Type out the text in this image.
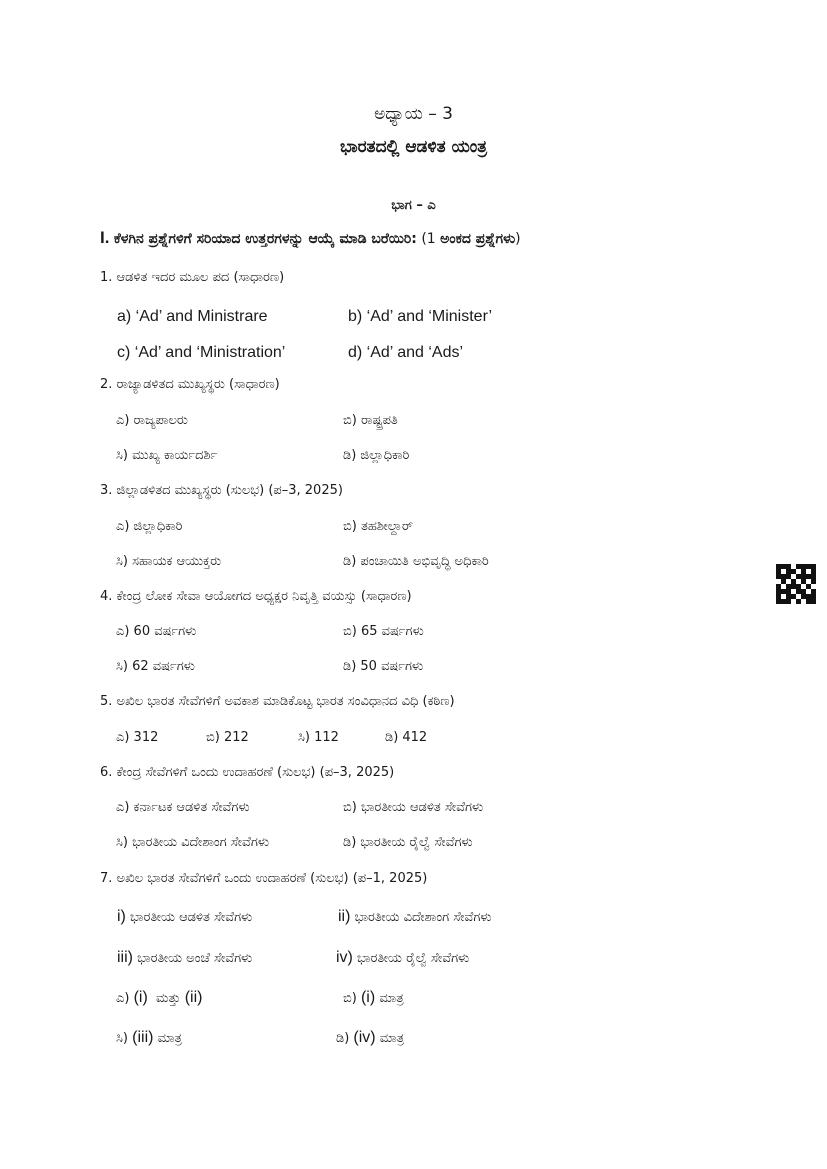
ಅಧ್ಯಾಯ – 3
ಭಾರತದಲ್ಲಿ ಆಡಳಿತ ಯಂತ್ರ
ಭಾಗ – ಎ
I. ಕೆಳಗಿನ ಪ್ರಶ್ನೆಗಳಿಗೆ ಸರಿಯಾದ ಉತ್ತರಗಳನ್ನು ಆಯ್ಕೆ ಮಾಡಿ ಬರೆಯಿರಿ: (1 ಅಂಕದ ಪ್ರಶ್ನೆಗಳು)
1. ಆಡಳಿತ ಇದರ ಮೂಲ ಪದ (ಸಾಧಾರಣ)
a) ‘Ad’ and Ministrare	b) ‘Ad’ and ‘Minister’
c) ‘Ad’ and ‘Ministration’	d) ‘Ad’ and ‘Ads’
2. ರಾಜ್ಯಾಡಳಿತದ ಮುಖ್ಯಸ್ಥರು (ಸಾಧಾರಣ)
ಎ) ರಾಜ್ಯಪಾಲರು	ಬಿ) ರಾಷ್ಟ್ರಪತಿ
ಸಿ) ಮುಖ್ಯ ಕಾರ್ಯದರ್ಶಿ	ಡಿ) ಜಿಲ್ಲಾಧಿಕಾರಿ
3. ಜಿಲ್ಲಾಡಳಿತದ ಮುಖ್ಯಸ್ಥರು (ಸುಲಭ) (ಪ–3, 2025)
ಎ) ಜಿಲ್ಲಾಧಿಕಾರಿ	ಬಿ) ತಹಶೀಲ್ದಾರ್
ಸಿ) ಸಹಾಯಕ ಆಯುಕ್ತರು	ಡಿ) ಪಂಚಾಯಿತಿ ಅಭಿವೃದ್ಧಿ ಅಧಿಕಾರಿ
4. ಕೇಂದ್ರ ಲೋಕ ಸೇವಾ ಆಯೋಗದ ಅಧ್ಯಕ್ಷರ ನಿವೃತ್ತಿ ವಯಸ್ಸು (ಸಾಧಾರಣ)
ಎ) 60 ವರ್ಷಗಳು	ಬಿ) 65 ವರ್ಷಗಳು
ಸಿ) 62 ವರ್ಷಗಳು	ಡಿ) 50 ವರ್ಷಗಳು
5. ಅಖಿಲ ಭಾರತ ಸೇವೆಗಳಿಗೆ ಅವಕಾಶ ಮಾಡಿಕೊಟ್ಟ ಭಾರತ ಸಂವಿಧಾನದ ವಿಧಿ (ಕಠಿಣ)
ಎ) 312	ಬಿ) 212	ಸಿ) 112	ಡಿ) 412
6. ಕೇಂದ್ರ ಸೇವೆಗಳಿಗೆ ಒಂದು ಉದಾಹರಣೆ (ಸುಲಭ) (ಪ–3, 2025)
ಎ) ಕರ್ನಾಟಕ ಆಡಳಿತ ಸೇವೆಗಳು	ಬಿ) ಭಾರತೀಯ ಆಡಳಿತ ಸೇವೆಗಳು
ಸಿ) ಭಾರತೀಯ ವಿದೇಶಾಂಗ ಸೇವೆಗಳು	ಡಿ) ಭಾರತೀಯ ರೈಲ್ವೆ ಸೇವೆಗಳು
7. ಅಖಿಲ ಭಾರತ ಸೇವೆಗಳಿಗೆ ಒಂದು ಉದಾಹರಣೆ (ಸುಲಭ) (ಪ–1, 2025)
i) ಭಾರತೀಯ ಆಡಳಿತ ಸೇವೆಗಳು	ii) ಭಾರತೀಯ ವಿದೇಶಾಂಗ ಸೇವೆಗಳು
iii) ಭಾರತೀಯ ಅಂಚೆ ಸೇವೆಗಳು	iv) ಭಾರತೀಯ ರೈಲ್ವೆ ಸೇವೆಗಳು
ಎ) (i) ಮತ್ತು (ii)	ಬಿ) (i) ಮಾತ್ರ
ಸಿ) (iii) ಮಾತ್ರ	ಡಿ) (iv) ಮಾತ್ರ
